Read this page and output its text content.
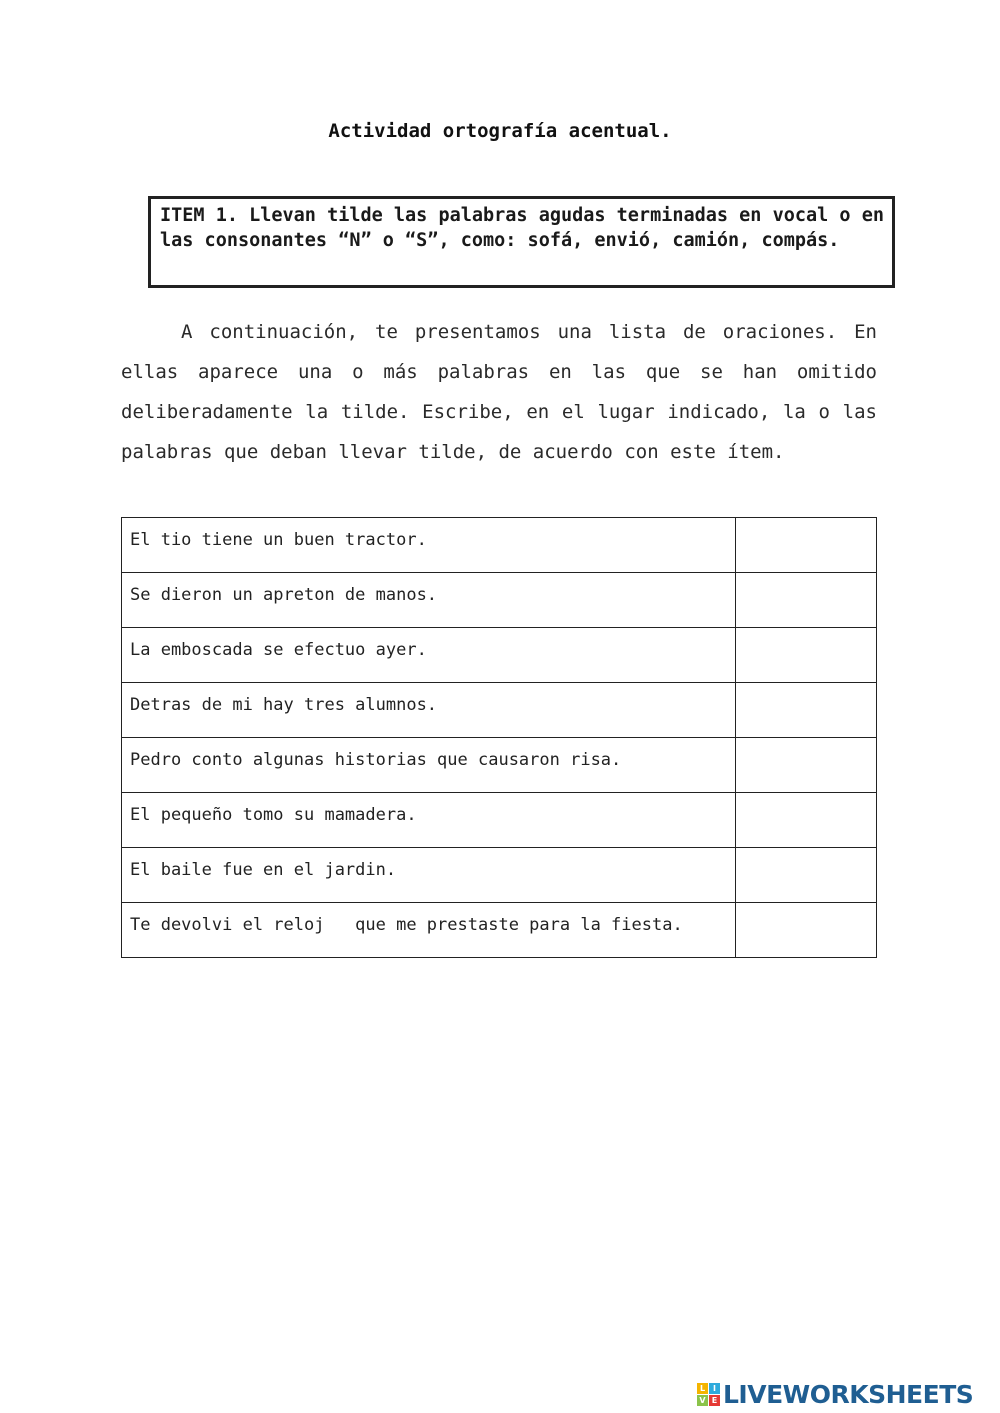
Actividad ortografía acentual.
ITEM 1. Llevan tilde las palabras agudas terminadas en vocal o en las consonantes “N” o “S”, como: sofá, envió, camión, compás.
A continuación, te presentamos una lista de oraciones. En ellas aparece una o más palabras en las que se han omitido deliberadamente la tilde. Escribe, en el lugar indicado, la o las palabras que deban llevar tilde, de acuerdo con este ítem.
El tio tiene un buen tractor.	
Se dieron un apreton de manos.	
La emboscada se efectuo ayer.	
Detras de mi hay tres alumnos.	
Pedro conto algunas historias que causaron risa.	
El pequeño tomo su mamadera.	
El baile fue en el jardin.	
Te devolvi el reloj   que me prestaste para la fiesta.	
L I
V E LIVEWORKSHEETS
